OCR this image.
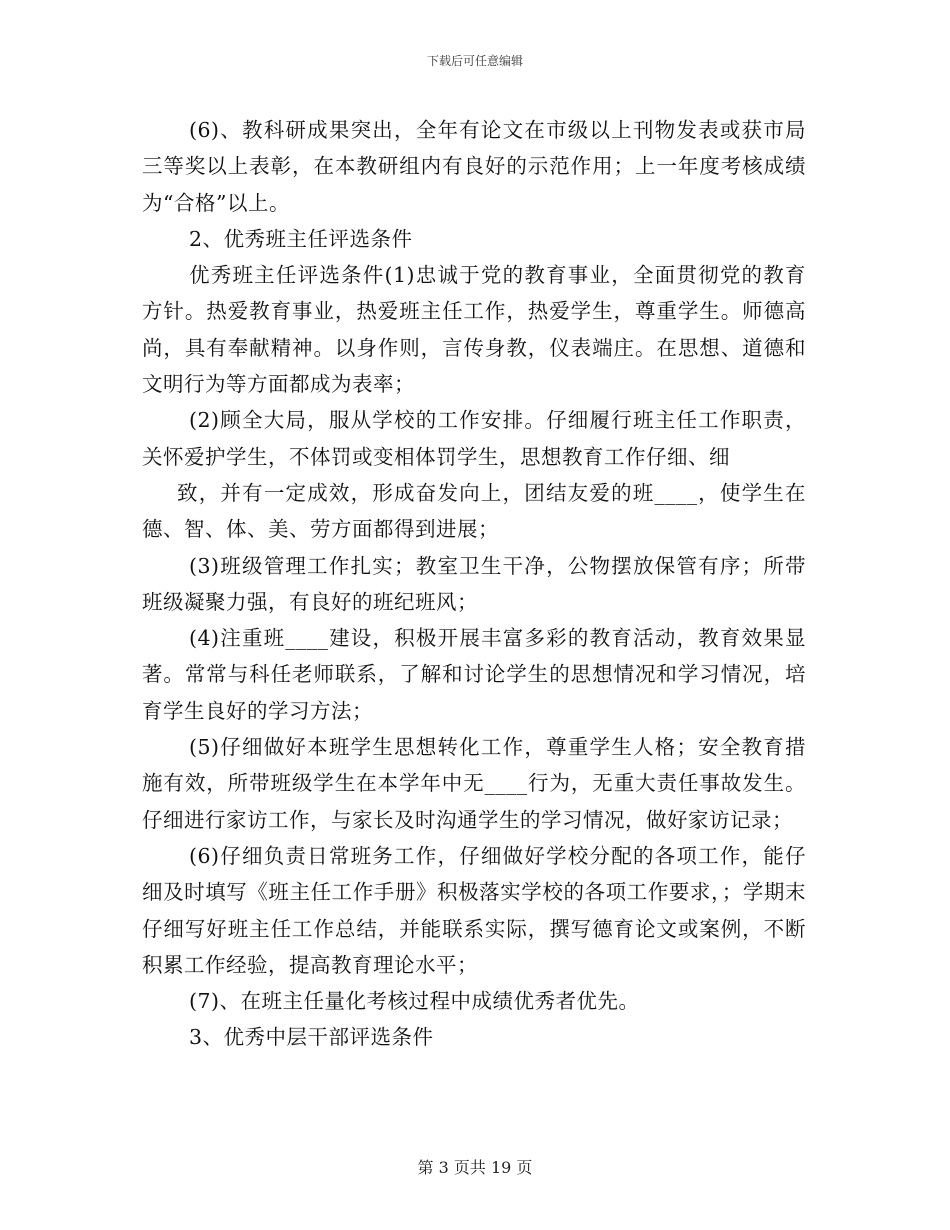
下载后可任意编辑

(6)、教科研成果突出，全年有论文在市级以上刊物发表或获市局三等奖以上表彰，在本教研组内有良好的示范作用；上一年度考核成绩为“合格”以上。

2、优秀班主任评选条件

优秀班主任评选条件(1)忠诚于党的教育事业，全面贯彻党的教育方针。热爱教育事业，热爱班主任工作，热爱学生，尊重学生。师德高尚，具有奉献精神。以身作则，言传身教，仪表端庄。在思想、道德和文明行为等方面都成为表率；

(2)顾全大局，服从学校的工作安排。仔细履行班主任工作职责，关怀爱护学生，不体罚或变相体罚学生，思想教育工作仔细、细

致，并有一定成效，形成奋发向上，团结友爱的班____，使学生在德、智、体、美、劳方面都得到进展；

(3)班级管理工作扎实；教室卫生干净，公物摆放保管有序；所带班级凝聚力强，有良好的班纪班风；

(4)注重班____建设，积极开展丰富多彩的教育活动，教育效果显著。常常与科任老师联系，了解和讨论学生的思想情况和学习情况，培育学生良好的学习方法；

(5)仔细做好本班学生思想转化工作，尊重学生人格；安全教育措施有效，所带班级学生在本学年中无____行为，无重大责任事故发生。仔细进行家访工作，与家长及时沟通学生的学习情况，做好家访记录；

(6)仔细负责日常班务工作，仔细做好学校分配的各项工作，能仔细及时填写《班主任工作手册》积极落实学校的各项工作要求，；学期末仔细写好班主任工作总结，并能联系实际，撰写德育论文或案例，不断积累工作经验，提高教育理论水平；

(7)、在班主任量化考核过程中成绩优秀者优先。

3、优秀中层干部评选条件

第 3 页共 19 页
